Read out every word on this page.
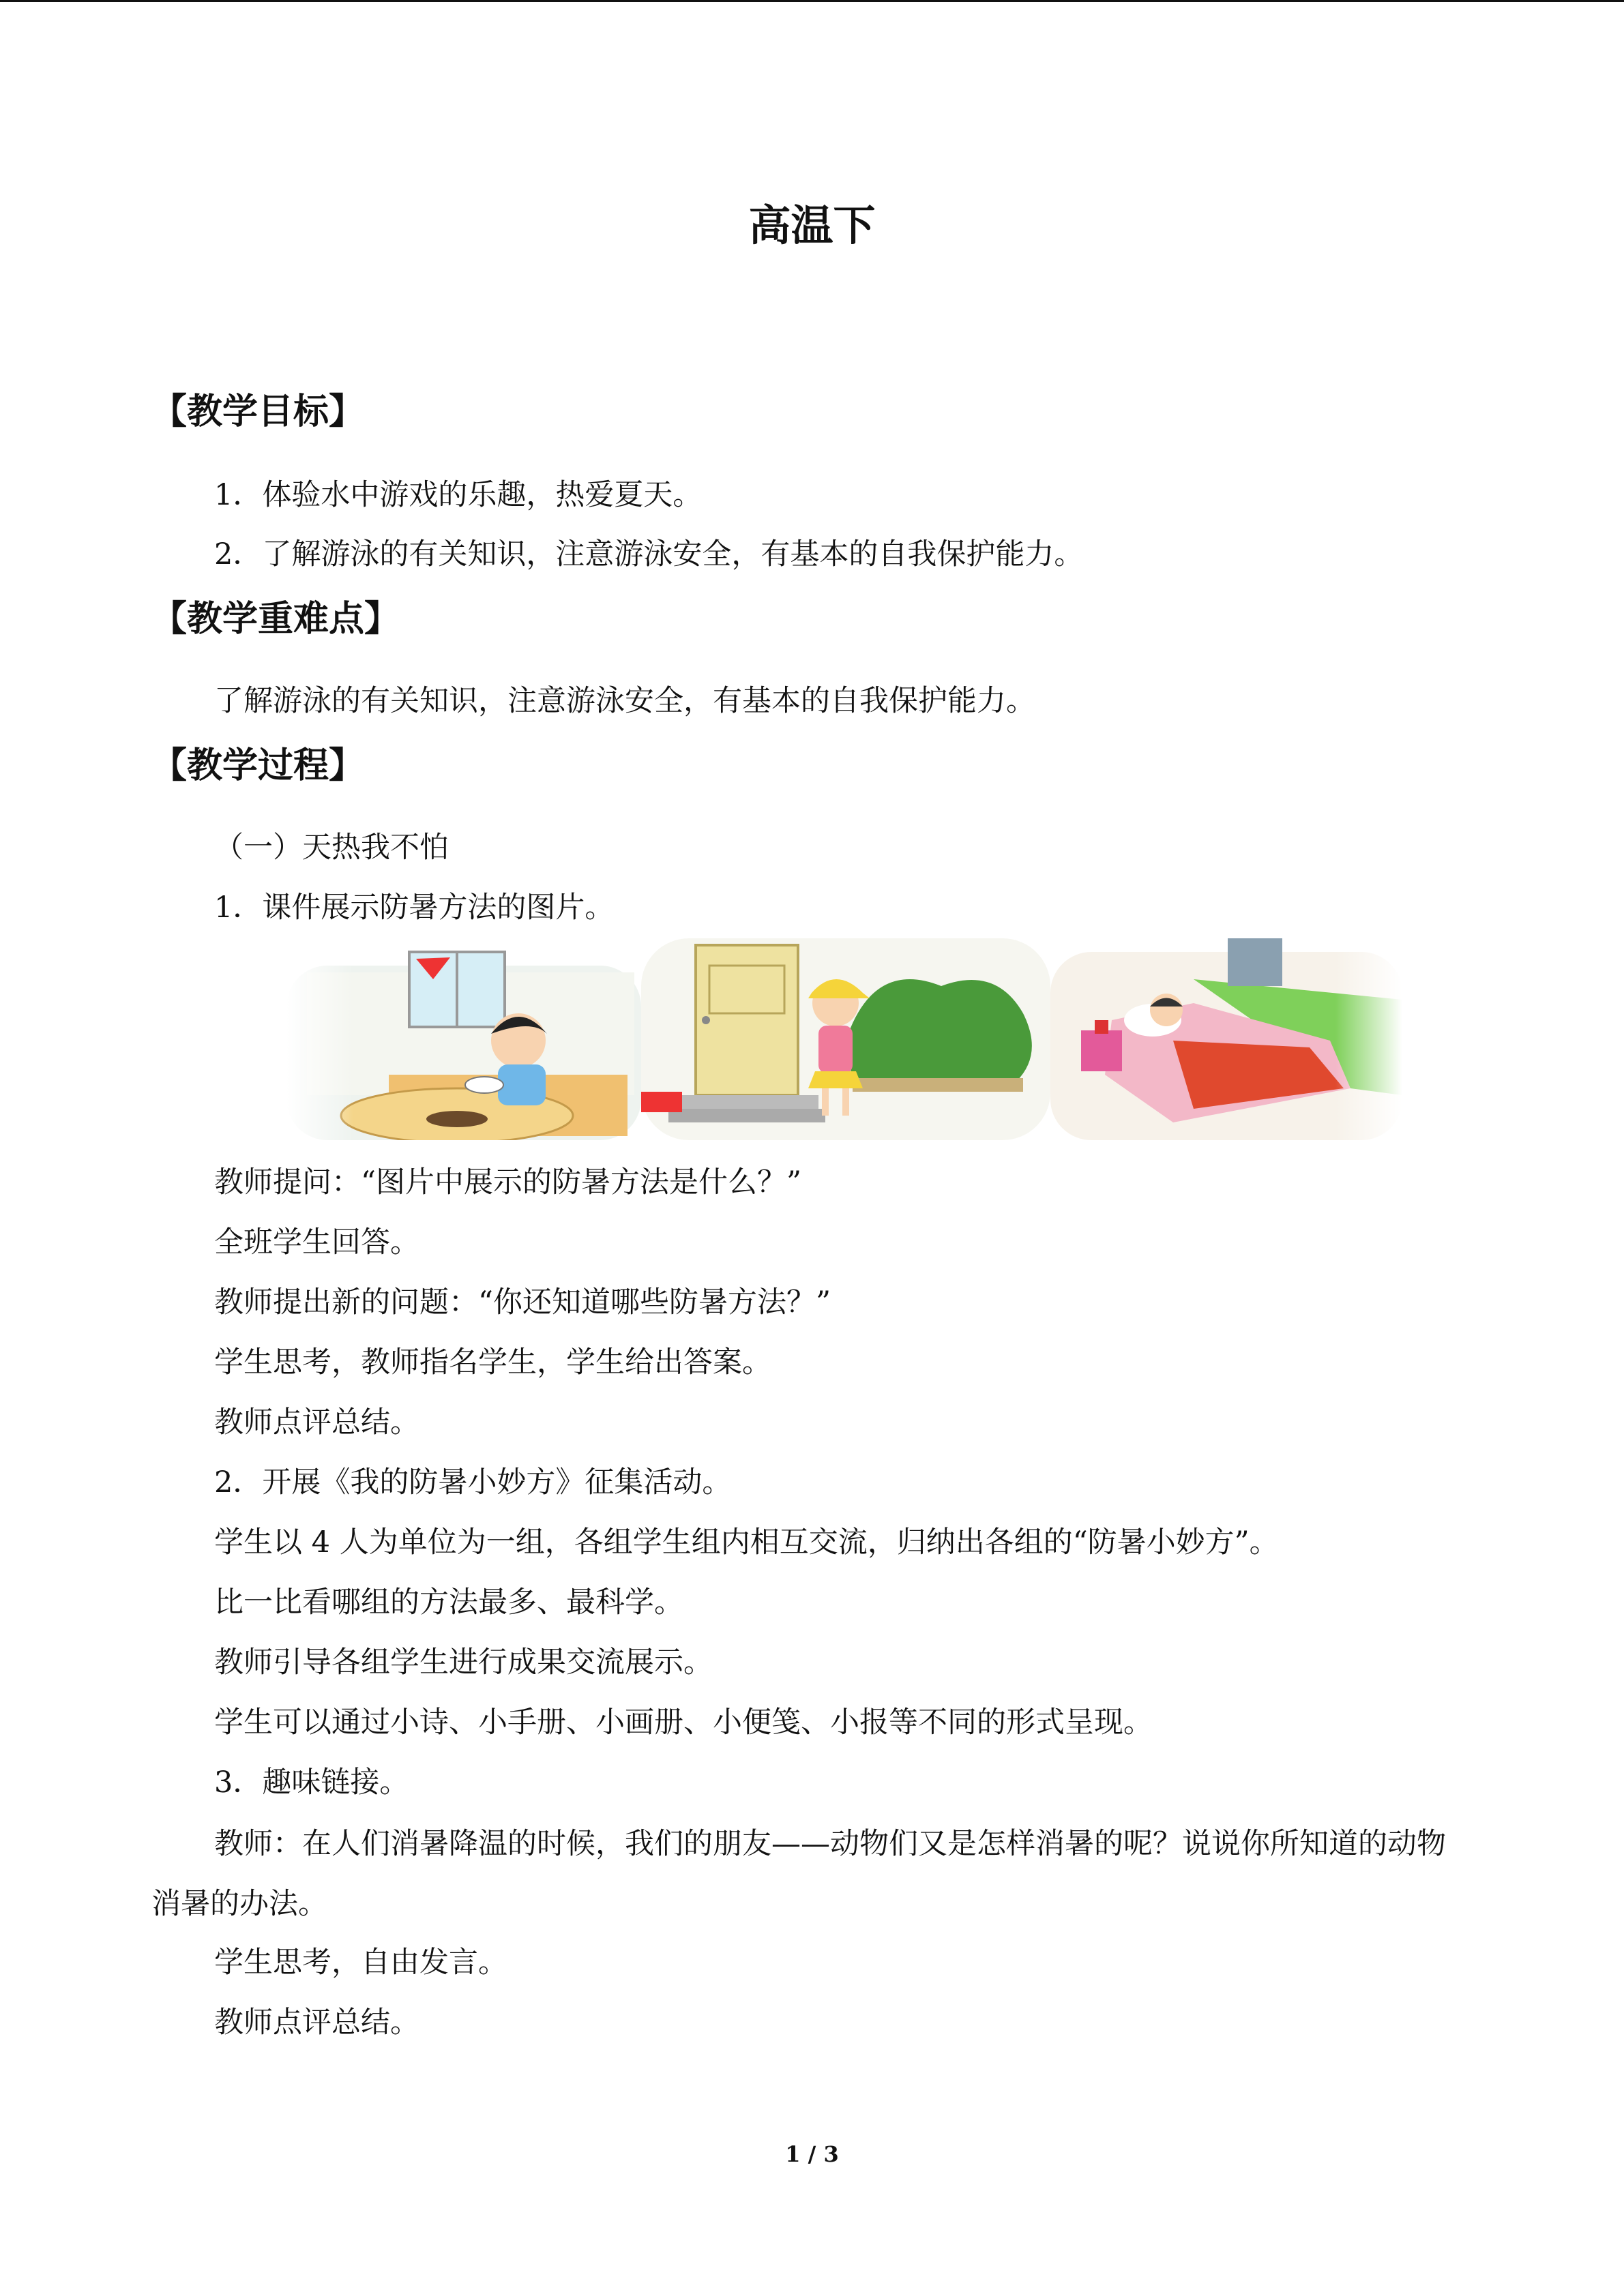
高温下
【教学目标】
1．体验水中游戏的乐趣，热爱夏天。
2．了解游泳的有关知识，注意游泳安全，有基本的自我保护能力。
【教学重难点】
了解游泳的有关知识，注意游泳安全，有基本的自我保护能力。
【教学过程】
（一）天热我不怕
1．课件展示防暑方法的图片。
教师提问：“图片中展示的防暑方法是什么？”
全班学生回答。
教师提出新的问题：“你还知道哪些防暑方法？”
学生思考，教师指名学生，学生给出答案。
教师点评总结。
2．开展《我的防暑小妙方》征集活动。
学生以 4 人为单位为一组，各组学生组内相互交流，归纳出各组的“防暑小妙方”。
比一比看哪组的方法最多、最科学。
教师引导各组学生进行成果交流展示。
学生可以通过小诗、小手册、小画册、小便笺、小报等不同的形式呈现。
3．趣味链接。
教师：在人们消暑降温的时候，我们的朋友——动物们又是怎样消暑的呢？说说你所知道的动物消暑的办法。
学生思考，自由发言。
教师点评总结。
1 / 3
